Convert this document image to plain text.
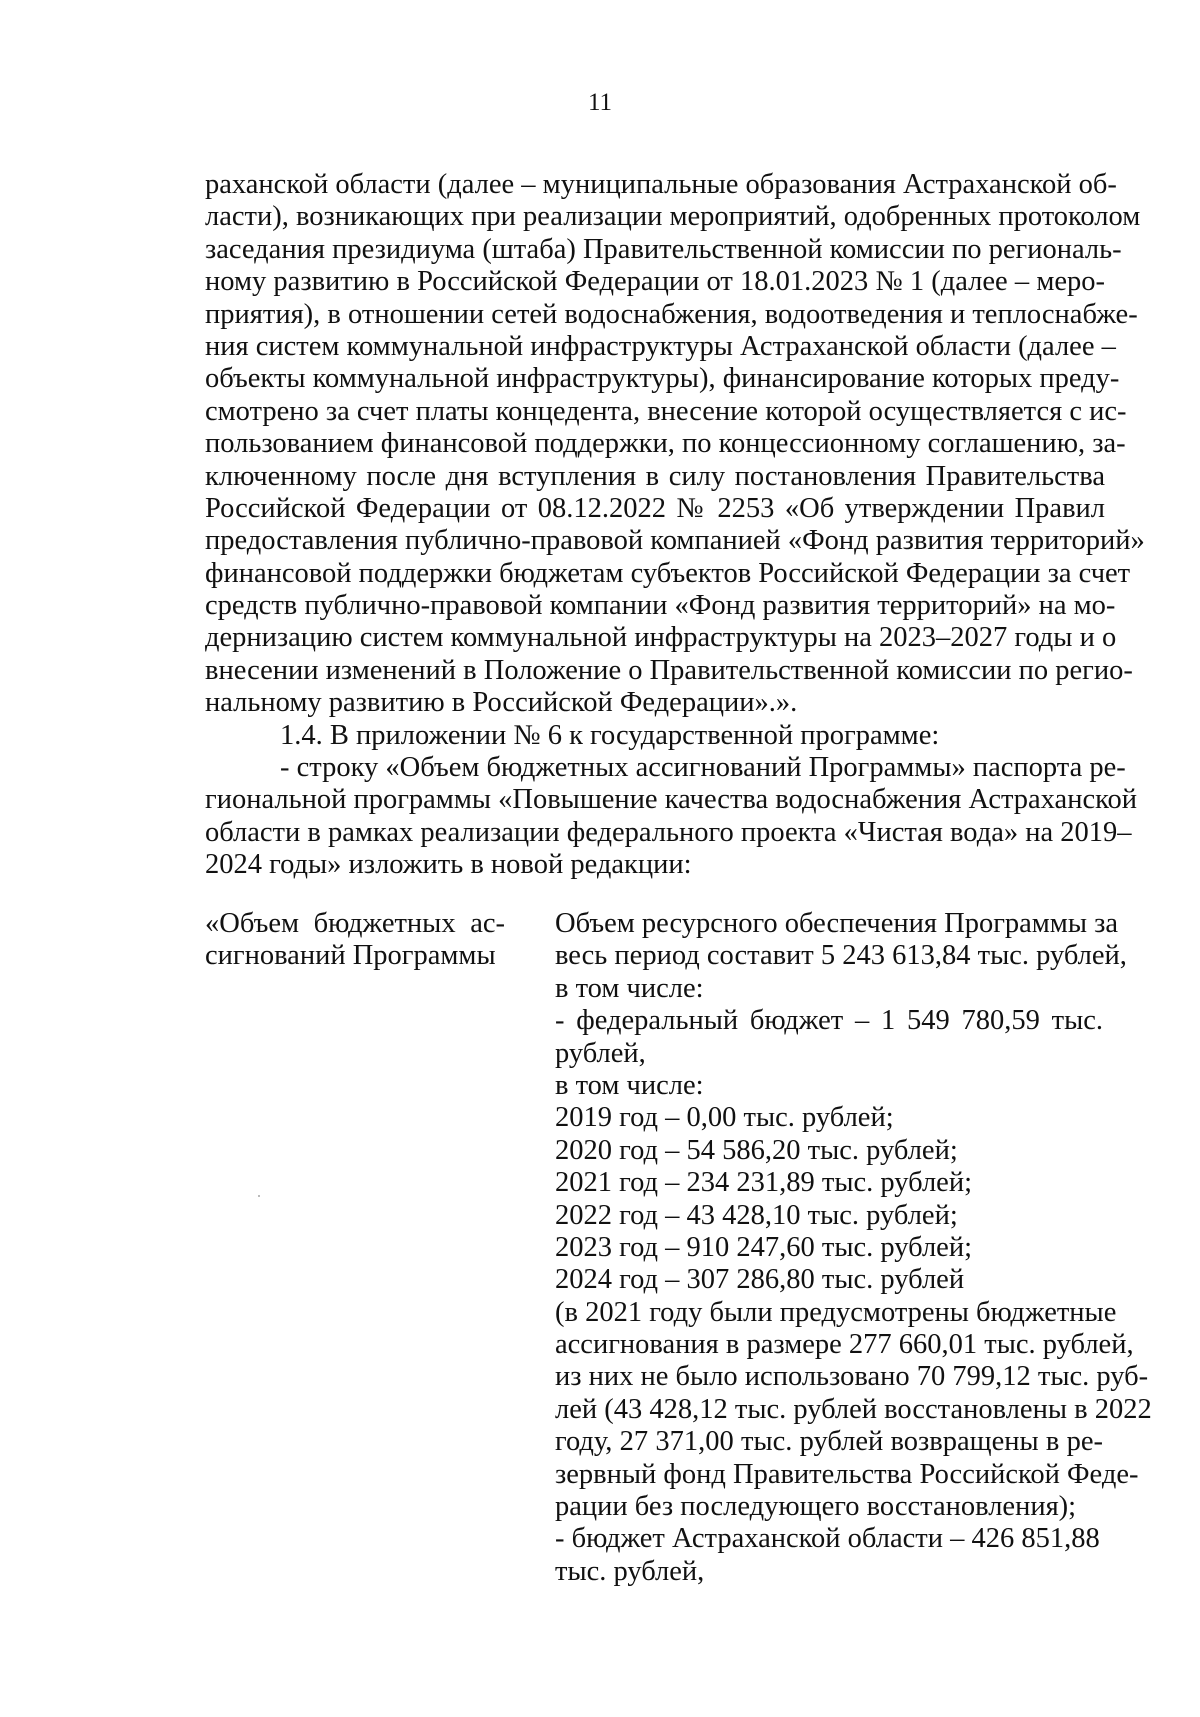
11
раханской области (далее – муниципальные образования Астраханской об-
ласти), возникающих при реализации мероприятий, одобренных протоколом
заседания президиума (штаба) Правительственной комиссии по региональ-
ному развитию в Российской Федерации от 18.01.2023 № 1 (далее – меро-
приятия), в отношении сетей водоснабжения, водоотведения и теплоснабже-
ния систем коммунальной инфраструктуры Астраханской области (далее –
объекты коммунальной инфраструктуры), финансирование которых преду-
смотрено за счет платы концедента, внесение которой осуществляется с ис-
пользованием финансовой поддержки, по концессионному соглашению, за-
ключенному после дня вступления в силу постановления Правительства
Российской Федерации от 08.12.2022 № 2253 «Об утверждении Правил
предоставления публично-правовой компанией «Фонд развития территорий»
финансовой поддержки бюджетам субъектов Российской Федерации за счет
средств публично-правовой компании «Фонд развития территорий» на мо-
дернизацию систем коммунальной инфраструктуры на 2023–2027 годы и о
внесении изменений в Положение о Правительственной комиссии по регио-
нальному развитию в Российской Федерации».».
1.4. В приложении № 6 к государственной программе:
- строку «Объем бюджетных ассигнований Программы» паспорта ре-
гиональной программы «Повышение качества водоснабжения Астраханской
области в рамках реализации федерального проекта «Чистая вода» на 2019–
2024 годы» изложить в новой редакции:
«Объем бюджетных ас-
сигнований Программы
Объем ресурсного обеспечения Программы за
весь период составит 5 243 613,84 тыс. рублей,
в том числе:
- федеральный бюджет – 1 549 780,59 тыс.
рублей,
в том числе:
2019 год – 0,00 тыс. рублей;
2020 год – 54 586,20 тыс. рублей;
2021 год – 234 231,89 тыс. рублей;
2022 год – 43 428,10 тыс. рублей;
2023 год – 910 247,60 тыс. рублей;
2024 год – 307 286,80 тыс. рублей
(в 2021 году были предусмотрены бюджетные
ассигнования в размере 277 660,01 тыс. рублей,
из них не было использовано 70 799,12 тыс. руб-
лей (43 428,12 тыс. рублей восстановлены в 2022
году, 27 371,00 тыс. рублей возвращены в ре-
зервный фонд Правительства Российской Феде-
рации без последующего восстановления);
- бюджет Астраханской области – 426 851,88
тыс. рублей,
